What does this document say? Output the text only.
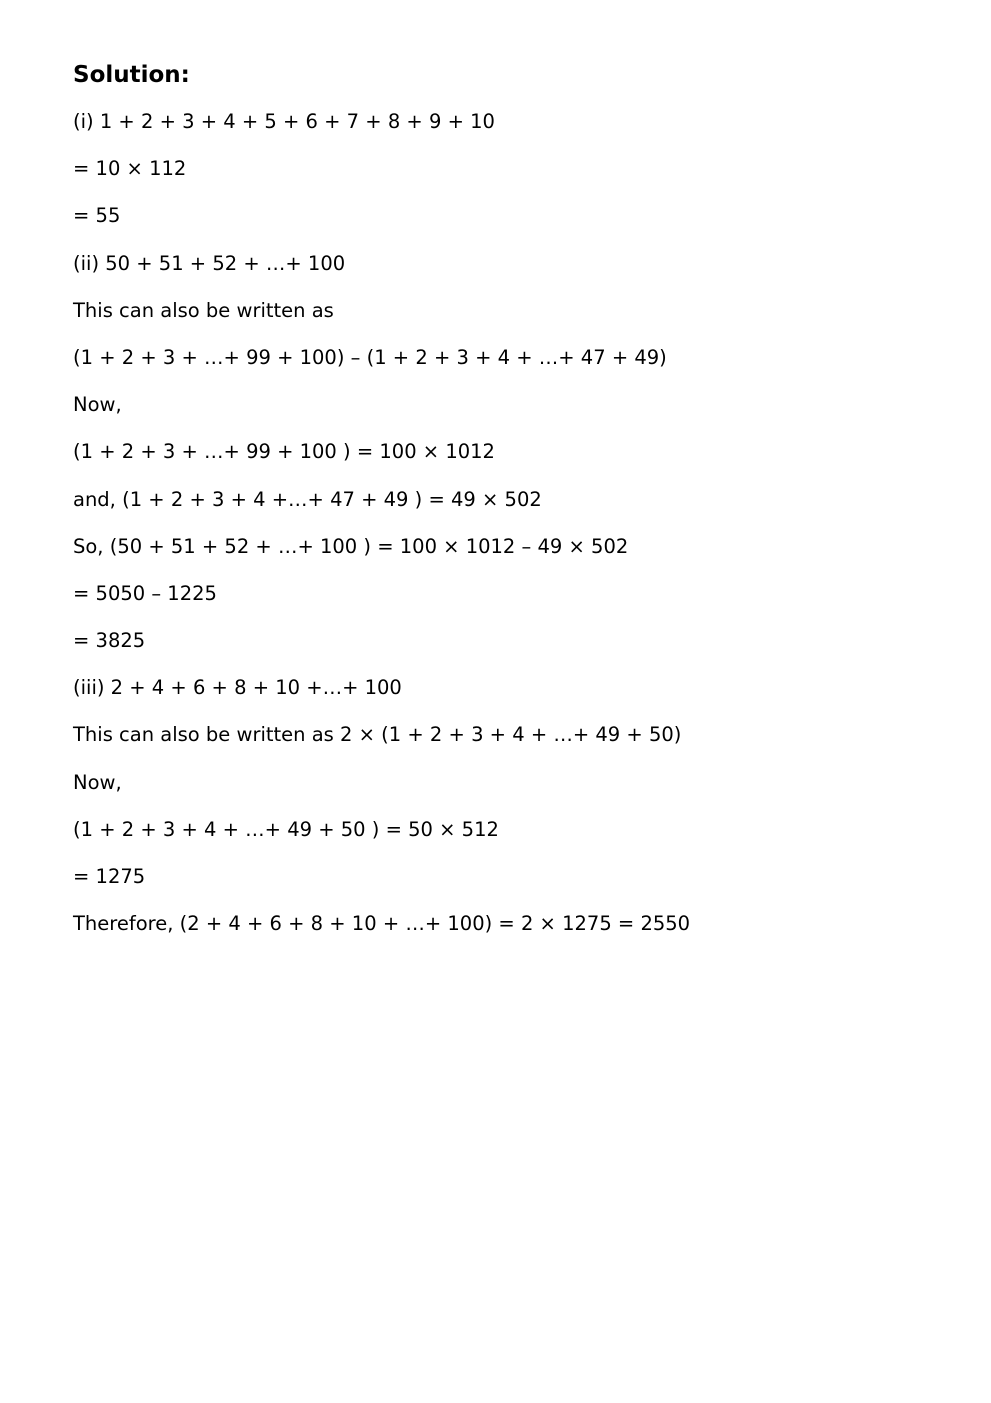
Solution:
(i) 1 + 2 + 3 + 4 + 5 + 6 + 7 + 8 + 9 + 10
= 10 × 112
= 55
(ii) 50 + 51 + 52 + …+ 100
This can also be written as
(1 + 2 + 3 + …+ 99 + 100) – (1 + 2 + 3 + 4 + …+ 47 + 49)
Now,
(1 + 2 + 3 + …+ 99 + 100 ) = 100 × 1012
and, (1 + 2 + 3 + 4 +…+ 47 + 49 ) = 49 × 502
So, (50 + 51 + 52 + …+ 100 ) = 100 × 1012 – 49 × 502
= 5050 – 1225
= 3825
(iii) 2 + 4 + 6 + 8 + 10 +…+ 100
This can also be written as 2 × (1 + 2 + 3 + 4 + …+ 49 + 50)
Now,
(1 + 2 + 3 + 4 + …+ 49 + 50 ) = 50 × 512
= 1275
Therefore, (2 + 4 + 6 + 8 + 10 + …+ 100) = 2 × 1275 = 2550
